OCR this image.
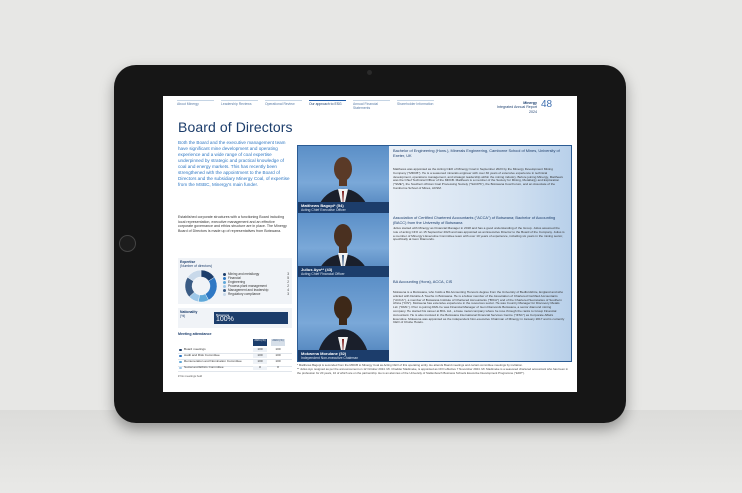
About Minergy	Leadership Reviews	Operational Review	Our approach to ESG	Annual Financial Statements
Shareholder Information	Minergy
Integrated Annual Report 2024
48
Board of Directors
Both the Board and the executive management team have significant mine development and operating experience and a wide range of coal expertise underpinned by strategic and practical knowledge of coal and energy markets. This has recently been strengthened with the appointment to the Board of Directors and the subsidiary Minergy Coal, of expertise from the MSBC, Minergy's main funder.
Established corporate structures with a functioning Board including local representation, executive management and an effective corporate governance and ethics structure are in place. The Minergy Board of Directors is made up of representatives from Botswana.
Expertise
(Number of directors)
Mining and metallurgy	3
Financial	5
Engineering	2
Process plant management	2
Management and leadership	4
Regulatory compliance	3
Nationality
(%)	Batswana
100%
Meeting attendance
2024 (%)	2023 (%)
Board meetings	100	100
Audit and Risk Committee	100	100
Remuneration and Nomination Committee	100	100
Social and Ethics Committee	#	#
# No meetings held
Matthews Bagopi* (54)
Acting Chief Executive Officer
Bachelor of Engineering (Hons.), Minerals Engineering, Camborne School of Mines, University of Exeter, UK
Matthews was appointed as the Acting CEO of Minergy Coal in September 2023 by the Minergy Development Mining Company ("MDCB"). He is a seasoned minerals engineer with over 30 years of extensive experience in technical development, operations management, and strategic leadership within the mining industry. Before joining Minergy, Matthews was the Chief Technical Officer of the MDCB. Matthews is a member of the Society for Mining, Metallurgy and Exploration ("SME"), the Southern African Coal Processing Society ("SACPS"), the Botswana Coal Forum, and an Associate of the Camborne School of Mines, ACSM.
Julius Ayo** (43)
Acting Chief Financial Officer
Association of Certified Chartered Accountants ("ACCA") of Botswana; Bachelor of Accounting (BACC) from the University of Botswana
Julius started with Minergy as Financial Manager in 2018 and has a good understanding of the Group. Julius assumed the role of acting CFO on 15 September 2023 and was appointed as an Executive Director to the Board of the Company. Julius is a member of Minergy's Executive Committee team with over 10 years of experience, including six years in the mining sector, specifically at Gem Diamonds.
Mokwena Morulane (52)
Independent Non-executive Chairman
BA Accounting (Hons), ACCA, CIS
Mokwena is a Motswana, who holds a BA Accounting Honours degree from the University of Bedfordshire, England and who articled with Deloitte & Touche in Botswana. He is a fellow member of the Association of Chartered Certified Accountants ("ACCA"), a member of Botswana Institute of Chartered Accountants ("BICA") and of the Chartered Secretaries of Southern Africa ("CIS"). Mokwena has extensive experience in the resources sector. He was Country Manager for Discovery Metals Ltd. ("DML"). Prior to joining DML he was Financial Manager of Gem Diamonds Botswana, a senior diamond mining company. He started his career at BCL Ltd., a base metal company where he rose through the ranks to Group Financial Accountant. He is also involved in the Botswana International Financial Services Centre ("IFSC") as Corporate Affairs Executive. Mokwena was appointed as the independent Non-executive Chairman of Minergy in January 2017 and is currently CEO of Chobe Hotels.
* Matthews Bagopi is seconded from the MDCB to Minergy Coal as Acting CEO of this operating entity. He attends Board meetings and certain committee meetings by invitation.
** Julius Ayo resigned as per the announcement on 12 October 2024. Mr. Chadder Madimeke, is appointed as CFO effective 7 November 2024. Mr. Madimeke is a seasoned chartered accountant who has been in the profession for 20 years, 10 of which are on the partnership. He is an alumnus of the University of Stellenbosch Business Schools Executive Development Programme ("EDP").
